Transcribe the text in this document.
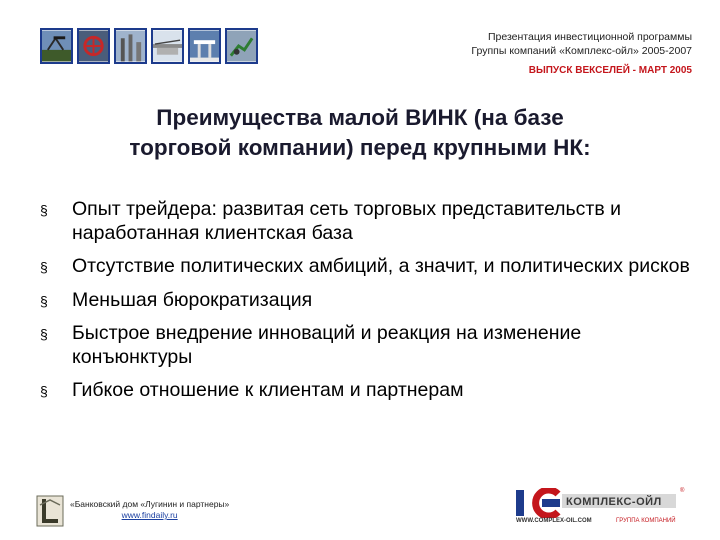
Презентация инвестиционной программы
Группы компаний «Комплекс-ойл» 2005-2007
ВЫПУСК ВЕКСЕЛЕЙ - МАРТ 2005
Преимущества малой ВИНК (на базе
торговой компании) перед крупными НК:
§ Опыт трейдера: развитая сеть торговых представительств и наработанная клиентская база
§ Отсутствие политических амбиций, а значит, и политических рисков
§ Меньшая бюрократизация
§ Быстрое внедрение инноваций и реакция на изменение конъюнктуры
§ Гибкое отношение к клиентам и партнерам
«Банковский дом «Лугинин и партнеры»
www.findaily.ru
КОМПЛЕКС-ОЙЛ
®
WWW.COMPLEX-OIL.COM	ГРУППА КОМПАНИЙ
